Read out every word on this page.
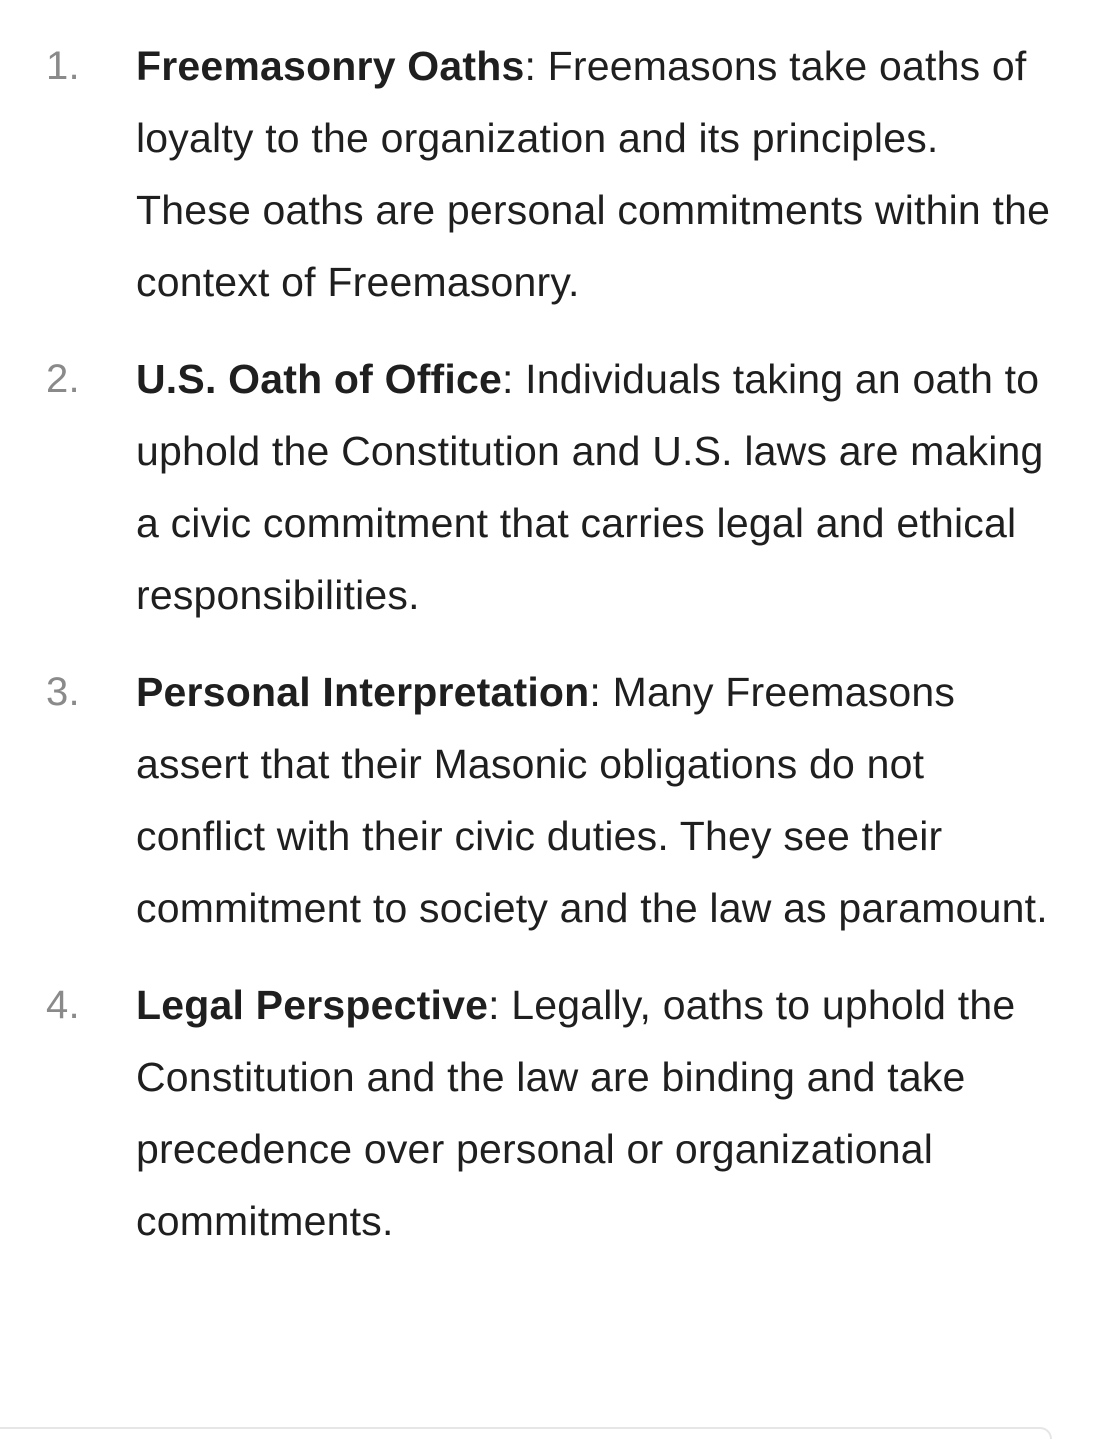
1. Freemasonry Oaths: Freemasons take oaths of loyalty to the organization and its principles. These oaths are personal commitments within the context of Freemasonry.
2. U.S. Oath of Office: Individuals taking an oath to uphold the Constitution and U.S. laws are making a civic commitment that carries legal and ethical responsibilities.
3. Personal Interpretation: Many Freemasons assert that their Masonic obligations do not conflict with their civic duties. They see their commitment to society and the law as paramount.
4. Legal Perspective: Legally, oaths to uphold the Constitution and the law are binding and take precedence over personal or organizational commitments.
